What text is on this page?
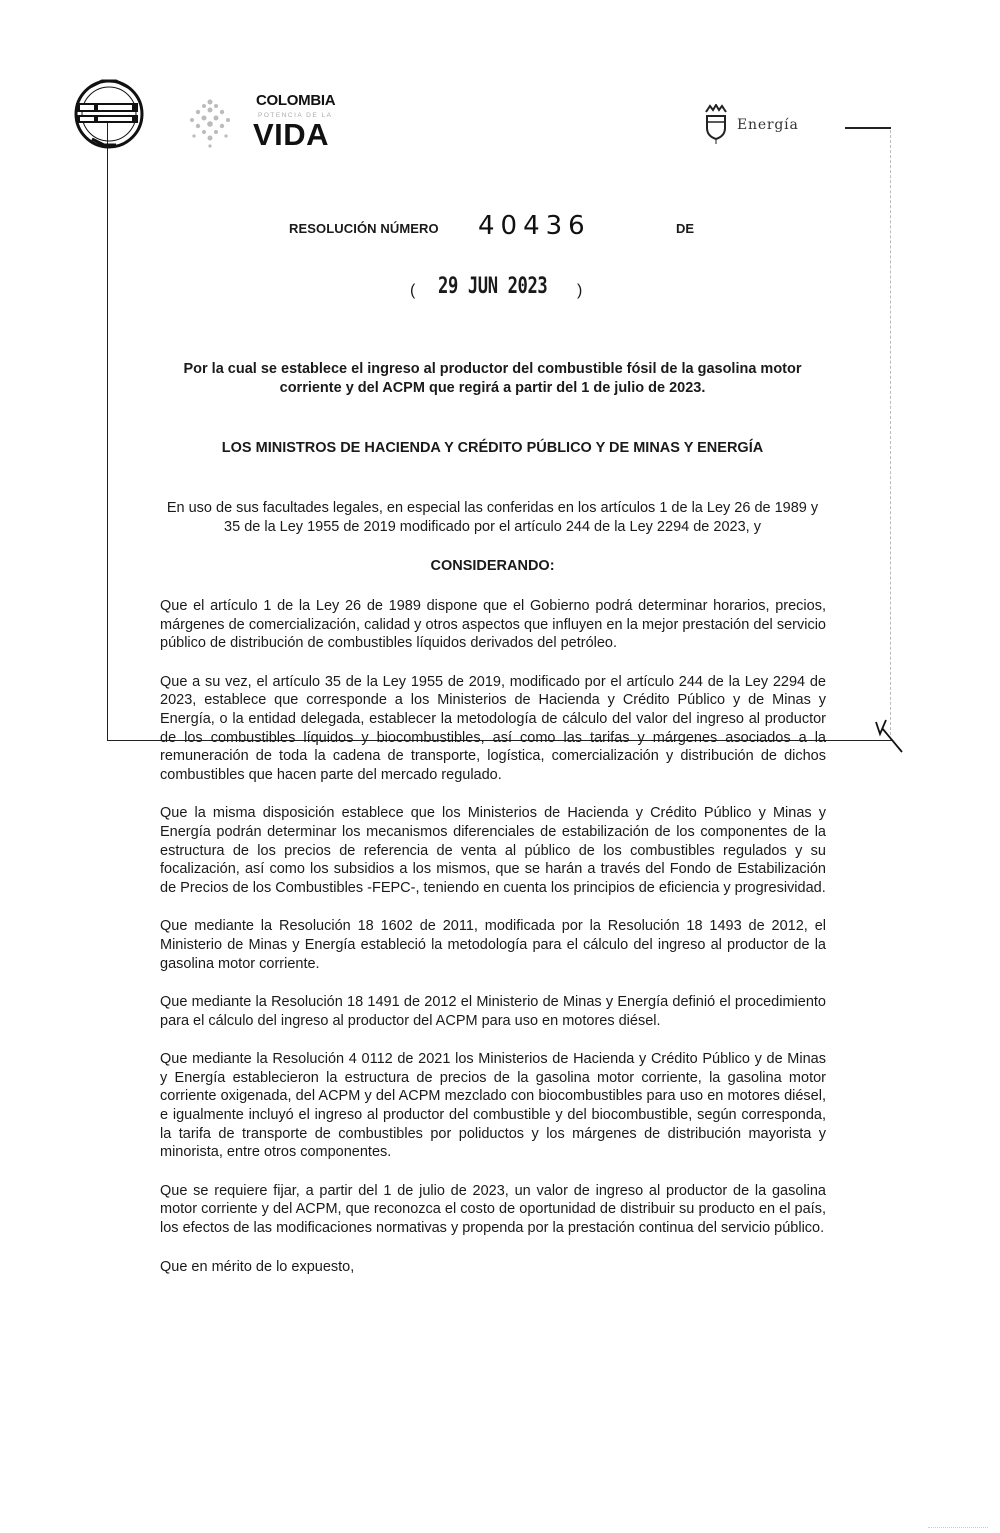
COLOMBIA
POTENCIA DE LA
VIDA	Energía
RESOLUCIÓN NÚMERO 40436	DE
( 29 JUN 2023 )
Por la cual se establece el ingreso al productor del combustible fósil de la gasolina motor corriente y del ACPM que regirá a partir del 1 de julio de 2023.
LOS MINISTROS DE HACIENDA Y CRÉDITO PÚBLICO Y DE MINAS Y ENERGÍA
En uso de sus facultades legales, en especial las conferidas en los artículos 1 de la Ley 26 de 1989 y 35 de la Ley 1955 de 2019 modificado por el artículo 244 de la Ley 2294 de 2023, y
CONSIDERANDO:

Que el artículo 1 de la Ley 26 de 1989 dispone que el Gobierno podrá determinar horarios, precios, márgenes de comercialización, calidad y otros aspectos que influyen en la mejor prestación del servicio público de distribución de combustibles líquidos derivados del petróleo.

Que a su vez, el artículo 35 de la Ley 1955 de 2019, modificado por el artículo 244 de la Ley 2294 de 2023, establece que corresponde a los Ministerios de Hacienda y Crédito Público y de Minas y Energía, o la entidad delegada, establecer la metodología de cálculo del valor del ingreso al productor de los combustibles líquidos y biocombustibles, así como las tarifas y márgenes asociados a la remuneración de toda la cadena de transporte, logística, comercialización y distribución de dichos combustibles que hacen parte del mercado regulado.

Que la misma disposición establece que los Ministerios de Hacienda y Crédito Público y Minas y Energía podrán determinar los mecanismos diferenciales de estabilización de los componentes de la estructura de los precios de referencia de venta al público de los combustibles regulados y su focalización, así como los subsidios a los mismos, que se harán a través del Fondo de Estabilización de Precios de los Combustibles -FEPC-, teniendo en cuenta los principios de eficiencia y progresividad.

Que mediante la Resolución 18 1602 de 2011, modificada por la Resolución 18 1493 de 2012, el Ministerio de Minas y Energía estableció la metodología para el cálculo del ingreso al productor de la gasolina motor corriente.

Que mediante la Resolución 18 1491 de 2012 el Ministerio de Minas y Energía definió el procedimiento para el cálculo del ingreso al productor del ACPM para uso en motores diésel.

Que mediante la Resolución 4 0112 de 2021 los Ministerios de Hacienda y Crédito Público y de Minas y Energía establecieron la estructura de precios de la gasolina motor corriente, la gasolina motor corriente oxigenada, del ACPM y del ACPM mezclado con biocombustibles para uso en motores diésel, e igualmente incluyó el ingreso al productor del combustible y del biocombustible, según corresponda, la tarifa de transporte de combustibles por poliductos y los márgenes de distribución mayorista y minorista, entre otros componentes.

Que se requiere fijar, a partir del 1 de julio de 2023, un valor de ingreso al productor de la gasolina motor corriente y del ACPM, que reconozca el costo de oportunidad de distribuir su producto en el país, los efectos de las modificaciones normativas y propenda por la prestación continua del servicio público.

Que en mérito de lo expuesto,
